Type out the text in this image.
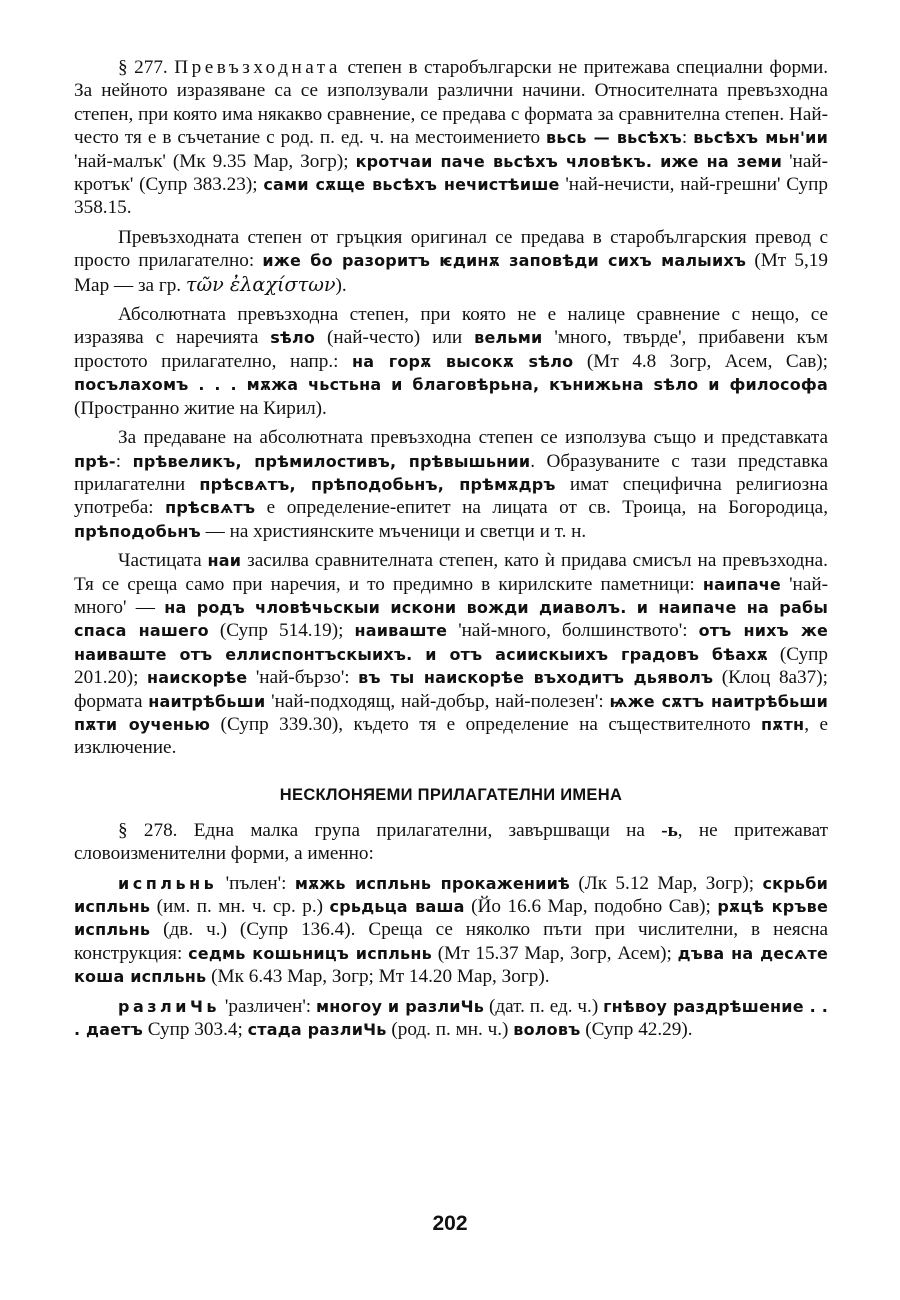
§ 277. Превъзходната степен в старобългарски не притежава специални форми. За нейното изразяване са се използували различни начини. Относителната превъзходна степен, при която има някакво сравнение, се предава с формата за сравнителна степен. Най-често тя е в съчетание с род. п. ед. ч. на местоимението вьсь — вьсѣхъ: вьсѣхъ мьн'ии 'най-малък' (Мк 9.35 Мар, Зогр); кротчаи паче вьсѣхъ чловѣкъ. иже на земи 'най-кротък' (Супр 383.23); сами сѫще вьсѣхъ нечистѣише 'най-нечисти, най-грешни' Супр 358.15.

Превъзходната степен от гръцкия оригинал се предава в старобългарския превод с просто прилагателно: иже бо разоритъ ѥдинѫ заповѣди сихъ малыихъ (Мт 5,19 Мар — за гр. τῶν ἐλαχίστων).

Абсолютната превъзходна степен, при която не е налице сравнение с нещо, се изразява с наречията ѕѣло (най-често) или вельми 'много, твърде', прибавени към простото прилагателно, напр.: на горѫ высокѫ ѕѣло (Мт 4.8 Зогр, Асем, Сав); посълахомъ . . . мѫжа чьстьна и благовѣрьна, кънижьна ѕѣло и философа (Пространно житие на Кирил).

За предаване на абсолютната превъзходна степен се използува също и представката прѣ-: прѣвеликъ, прѣмилостивъ, прѣвышьнии. Образуваните с тази представка прилагателни прѣсвѧтъ, прѣподобьнъ, прѣмѫдръ имат специфична религиозна употреба: прѣсвѧтъ е определение-епитет на лицата от св. Троица, на Богородица, прѣподобьнъ — на християнските мъченици и светци и т. н.

Частицата наи засилва сравнителната степен, като ѝ придава смисъл на превъзходна. Тя се среща само при наречия, и то предимно в кирилските паметници: наипаче 'най-много' — на родъ чловѣчьскыи искони вожди диаволъ. и наипаче на рабы спаса нашего (Супр 514.19); наиваште 'най-много, болшинството': отъ нихъ же наиваште отъ еллиспонтъскыихъ. и отъ асиискыихъ градовъ бѣахѫ (Супр 201.20); наискорѣе 'най-бързо': въ ты наискорѣе въходитъ дьяволъ (Клоц 8а37); формата наитрѣбьши 'най-подходящ, най-добър, най-полезен': ѩже сѫтъ наитрѣбьши пѫти оученью (Супр 339.30), където тя е определение на съществителното пѫтн, е изключение.

НЕСКЛОНЯЕМИ ПРИЛАГАТЕЛНИ ИМЕНА

§ 278. Една малка група прилагателни, завършващи на -ь, не притежават словоизменителни форми, а именно:

испльнь 'пълен': мѫжь испльнь прокаженииѣ (Лк 5.12 Мар, Зогр); скрьби испльнь (им. п. мн. ч. ср. р.) срьдьца ваша (Йо 16.6 Мар, подобно Сав); рѫцѣ кръве испльнь (дв. ч.) (Супр 136.4). Среща се няколко пъти при числителни, в неясна конструкция: седмь кошьницъ испльнь (Мт 15.37 Мар, Зогр, Асем); дъва на десѧте коша испльнь (Мк 6.43 Мар, Зогр; Мт 14.20 Мар, Зогр).

разлиЧь 'различен': многоу и разлиЧь (дат. п. ед. ч.) гнѣвоу раздрѣшение . . . даетъ Супр 303.4; стада разлиЧь (род. п. мн. ч.) воловъ (Супр 42.29).

202
